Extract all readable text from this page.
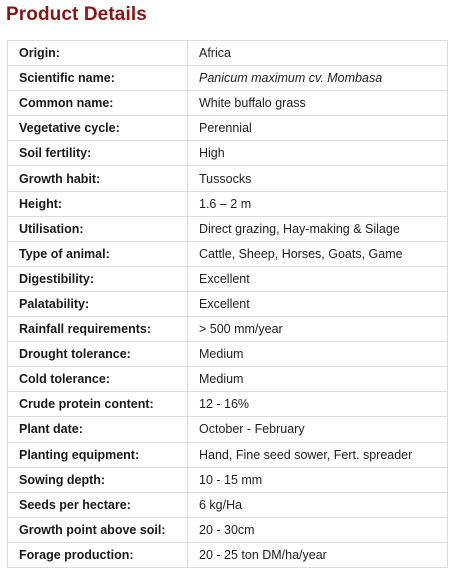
Product Details
Origin:	Africa
Scientific name:	Panicum maximum cv. Mombasa
Common name:	White buffalo grass
Vegetative cycle:	Perennial
Soil fertility:	High
Growth habit:	Tussocks
Height:	1.6 – 2 m
Utilisation:	Direct grazing, Hay-making & Silage
Type of animal:	Cattle, Sheep, Horses, Goats, Game
Digestibility:	Excellent
Palatability:	Excellent
Rainfall requirements:	> 500 mm/year
Drought tolerance:	Medium
Cold tolerance:	Medium
Crude protein content:	12 - 16%
Plant date:	October - February
Planting equipment:	Hand, Fine seed sower, Fert. spreader
Sowing depth:	10 - 15 mm
Seeds per hectare:	6 kg/Ha
Growth point above soil:	20 - 30cm
Forage production:	20 - 25 ton DM/ha/year
